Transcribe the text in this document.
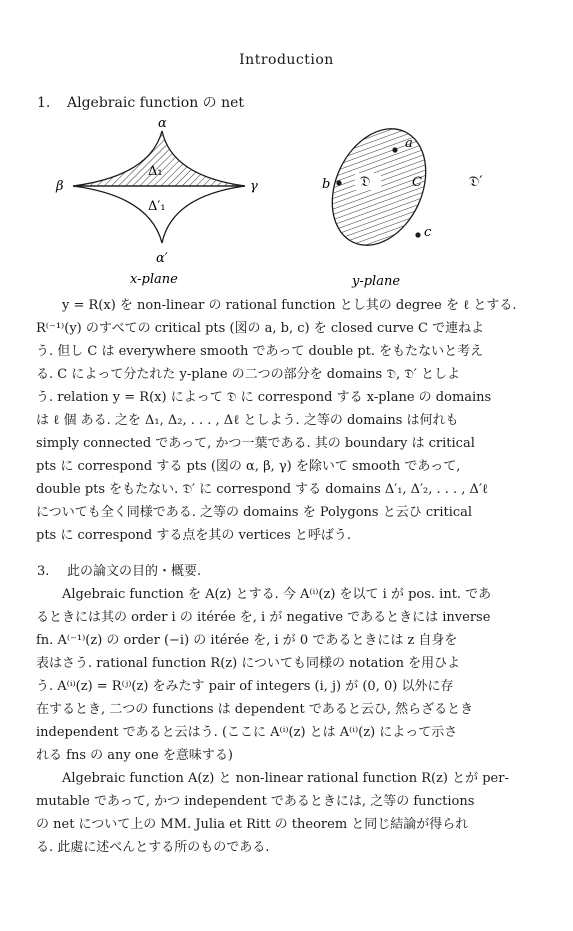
Introduction
1. Algebraic function の net
α
β	γ
α′
Δ₁
Δ′₁
x-plane
a
b
c
C
𝔇	𝔇′
y-plane

y = R(x) を non-linear の rational function とし其の degree を ℓ とする.

R⁽⁻¹⁾(y) のすべての critical pts (図の a, b, c) を closed curve C で連ねよ

う. 但し C は everywhere smooth であって double pt. をもたないと考え

る. C によって分たれた y-plane の二つの部分を domains 𝔇, 𝔇′ としよ

う. relation y = R(x) によって 𝔇 に correspond する x-plane の domains

は ℓ 個 ある. 之を Δ₁, Δ₂, . . . , Δℓ としよう. 之等の domains は何れも

simply connected であって, かつ一葉である. 其の boundary は critical

pts に correspond する pts (図の α, β, γ) を除いて smooth であって,

double pts をもたない. 𝔇′ に correspond する domains Δ′₁, Δ′₂, . . . , Δ′ℓ

についても全く同様である. 之等の domains を Polygons と云ひ critical

pts に correspond する点を其の vertices と呼ばう.

3. 此の論文の目的・概要.

Algebraic function を A(z) とする. 今 A⁽ⁱ⁾(z) を以て i が pos. int. であ

るときには其の order i の itérée を, i が negative であるときには inverse

fn. A⁽⁻¹⁾(z) の order (−i) の itérée を, i が 0 であるときには z 自身を

表はさう. rational function R(z) についても同様の notation を用ひよ

う. A⁽ⁱ⁾(z) = R⁽ʲ⁾(z) をみたす pair of integers (i, j) が (0, 0) 以外に存

在するとき, 二つの functions は dependent であると云ひ, 然らざるとき

independent であると云はう. (ここに A⁽ⁱ⁾(z) とは A⁽ⁱ⁾(z) によって示さ

れる fns の any one を意味する)

Algebraic function A(z) と non-linear rational function R(z) とが per-

mutable であって, かつ independent であるときには, 之等の functions

の net について上の MM. Julia et Ritt の theorem と同じ結論が得られ

る. 此處に述べんとする所のものである.
